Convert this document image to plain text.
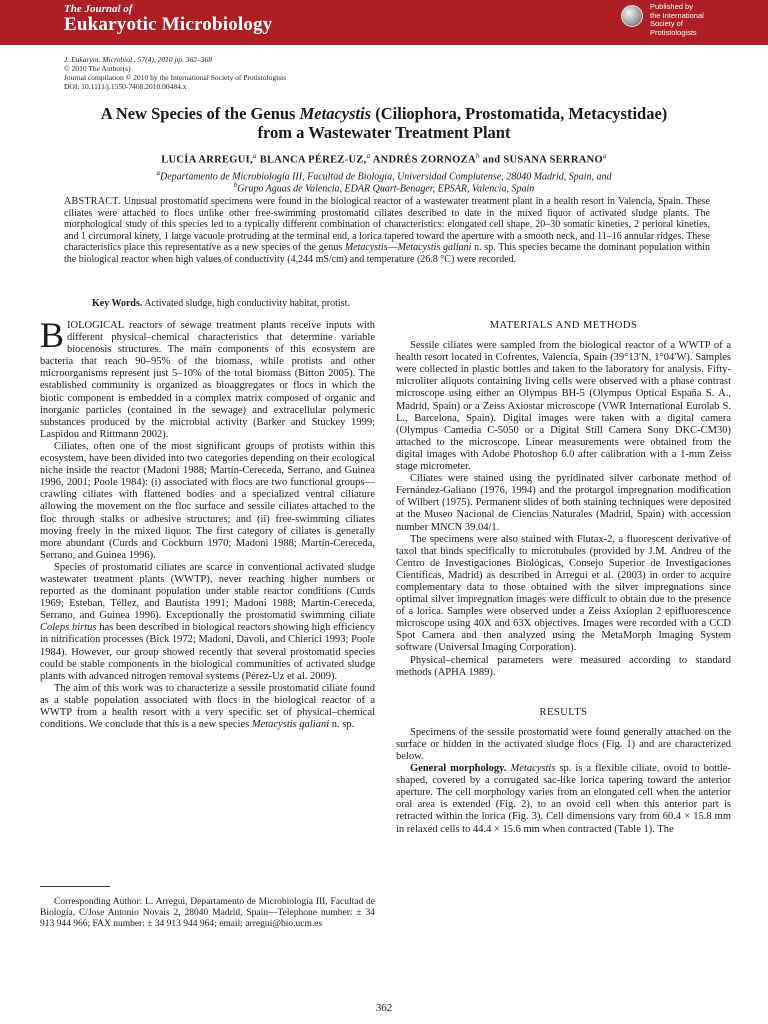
The Journal of
Eukaryotic Microbiology
Published by
the International
Society of
Protistologists
J. Eukaryot. Microbiol., 57(4), 2010 pp. 362–368
© 2010 The Author(s)
Journal compilation © 2010 by the International Society of Protistologists
DOI: 10.1111/j.1550-7408.2010.00484.x
A New Species of the Genus Metacystis (Ciliophora, Prostomatida, Metacystidae)
from a Wastewater Treatment Plant
LUCÍA ARREGUI,$^a$ BLANCA PÉREZ-UZ,$^a$ ANDRÉS ZORNOZA$^b$ and SUSANA SERRANO$^a$
$^a$Departamento de Microbiología III, Facultad de Biología, Universidad Complutense, 28040 Madrid, Spain, and
$^b$Grupo Aguas de Valencia, EDAR Quart-Benager, EPSAR, Valencia, Spain
ABSTRACT. Unusual prostomatid specimens were found in the biological reactor of a wastewater treatment plant in a health resort in Valencia, Spain. These ciliates were attached to flocs unlike other free-swimming prostomatid ciliates described to date in the mixed liquor of activated sludge plants. The morphological study of this species led to a typically different combination of characteristics: elongated cell shape, 20–30 somatic kineties, 2 perioral kineties, and 1 circumoral kinety, 1 large vacuole protruding at the terminal end, a lorica tapered toward the aperture with a smooth neck, and 11–16 annular ridges. These characteristics place this representative as a new species of the genus Metacystis—Metacystis galiani n. sp. This species became the dominant population within the biological reactor when high values of conductivity (4,244 mS/cm) and temperature (26.8 °C) were recorded.
Key Words. Activated sludge, high conductivity habitat, protist.

BIOLOGICAL reactors of sewage treatment plants receive inputs with different physical–chemical characteristics that determine variable biocenosis structures. The main components of this ecosystem are bacteria that reach 90–95% of the biomass, while protists and other microorganisms represent just 5–10% of the total biomass (Bitton 2005). The established community is organized as bioaggregates or flocs in which the biotic component is embedded in a complex matrix composed of organic and inorganic particles (contained in the sewage) and extracellular polymeric substances produced by the microbial activity (Barker and Stuckey 1999; Laspidou and Rittmann 2002).

Ciliates, often one of the most significant groups of protists within this ecosystem, have been divided into two categories depending on their ecological niche inside the reactor (Madoni 1988; Martín-Cereceda, Serrano, and Guinea 1996, 2001; Poole 1984): (i) associated with flocs are two functional groups—crawling ciliates with flattened bodies and a specialized ventral ciliature allowing the movement on the floc surface and sessile ciliates attached to the floc through stalks or adhesive structures; and (ii) free-swimming ciliates moving freely in the mixed liquor. The first category of ciliates is generally more abundant (Curds and Cockburn 1970; Madoni 1988; Martín-Cereceda, Serrano, and Guinea 1996).

Species of prostomatid ciliates are scarce in conventional activated sludge wastewater treatment plants (WWTP), never reaching higher numbers or reported as the dominant population under stable reactor conditions (Curds 1969; Esteban, Téllez, and Bautista 1991; Madoni 1988; Martín-Cereceda, Serrano, and Guinea 1996). Exceptionally the prostomatid swimming ciliate Coleps hirtus has been described in biological reactors showing high efficiency in nitrification processes (Bick 1972; Madoni, Davoli, and Chierici 1993; Poole 1984). However, our group showed recently that several prostomatid species could be stable components in the biological communities of activated sludge plants with advanced nitrogen removal systems (Pérez-Uz et al. 2009).

The aim of this work was to characterize a sessile prostomatid ciliate found as a stable population associated with flocs in the biological reactor of a WWTP from a health resort with a very specific set of physical–chemical conditions. We conclude that this is a new species Metacystis galiani n. sp.

Corresponding Author: L. Arregui, Departamento de Microbiología III, Facultad de Biología, C/Jose Antonio Novais 2, 28040 Madrid, Spain—Telephone number: ± 34 913 944 966; FAX number: ± 34 913 944 964; email: arregui@bio.ucm.es

MATERIALS AND METHODS

Sessile ciliates were sampled from the biological reactor of a WWTP of a health resort located in Cofrentes, Valencia, Spain (39°13′N, 1°04′W). Samples were collected in plastic bottles and taken to the laboratory for analysis. Fifty-microliter aliquots containing living cells were observed with a phase contrast microscope using either an Olympus BH-5 (Olympus Optical España S. A., Madrid, Spain) or a Zeiss Axiostar microscope (VWR International Eurolab S. L., Barcelona, Spain). Digital images were taken with a digital camera (Olympus Camedia C-5050 or a Digital Still Camera Sony DKC-CM30) attached to the microscope. Linear measurements were obtained from the digital images with Adobe Photoshop 6.0 after calibration with a 1-mm Zeiss stage micrometer.

Ciliates were stained using the pyridinated silver carbonate method of Fernández-Galiano (1976, 1994) and the protargol impregnation modification of Wilbert (1975). Permanent slides of both staining techniques were deposited at the Museo Nacional de Ciencias Naturales (Madrid, Spain) with accession number MNCN 39.04/1.

The specimens were also stained with Flutax-2, a fluorescent derivative of taxol that binds specifically to microtubules (provided by J.M. Andreu of the Centro de Investigaciones Biológicas, Consejo Superior de Investigaciones Científicas, Madrid) as described in Arregui et al. (2003) in order to acquire complementary data to those obtained with the silver impregnations since optimal silver impregnation images were difficult to obtain due to the presence of a lorica. Samples were observed under a Zeiss Axioplan 2 epifluorescence microscope using 40X and 63X objectives. Images were recorded with a CCD Spot Camera and then analyzed using the MetaMorph Imaging System software (Universal Imaging Corporation).

Physical–chemical parameters were measured according to standard methods (APHA 1989).

RESULTS

Specimens of the sessile prostomatid were found generally attached on the surface or hidden in the activated sludge flocs (Fig. 1) and are characterized below.

General morphology. Metacystis sp. is a flexible ciliate, ovoid to bottle-shaped, covered by a corrugated sac-like lorica tapering toward the anterior aperture. The cell morphology varies from an elongated cell when the anterior oral area is extended (Fig. 2), to an ovoid cell when this anterior part is retracted within the lorica (Fig. 3). Cell dimensions vary from 60.4 × 15.8 mm in relaxed cells to 44.4 × 15.6 mm when contracted (Table 1). The

362
